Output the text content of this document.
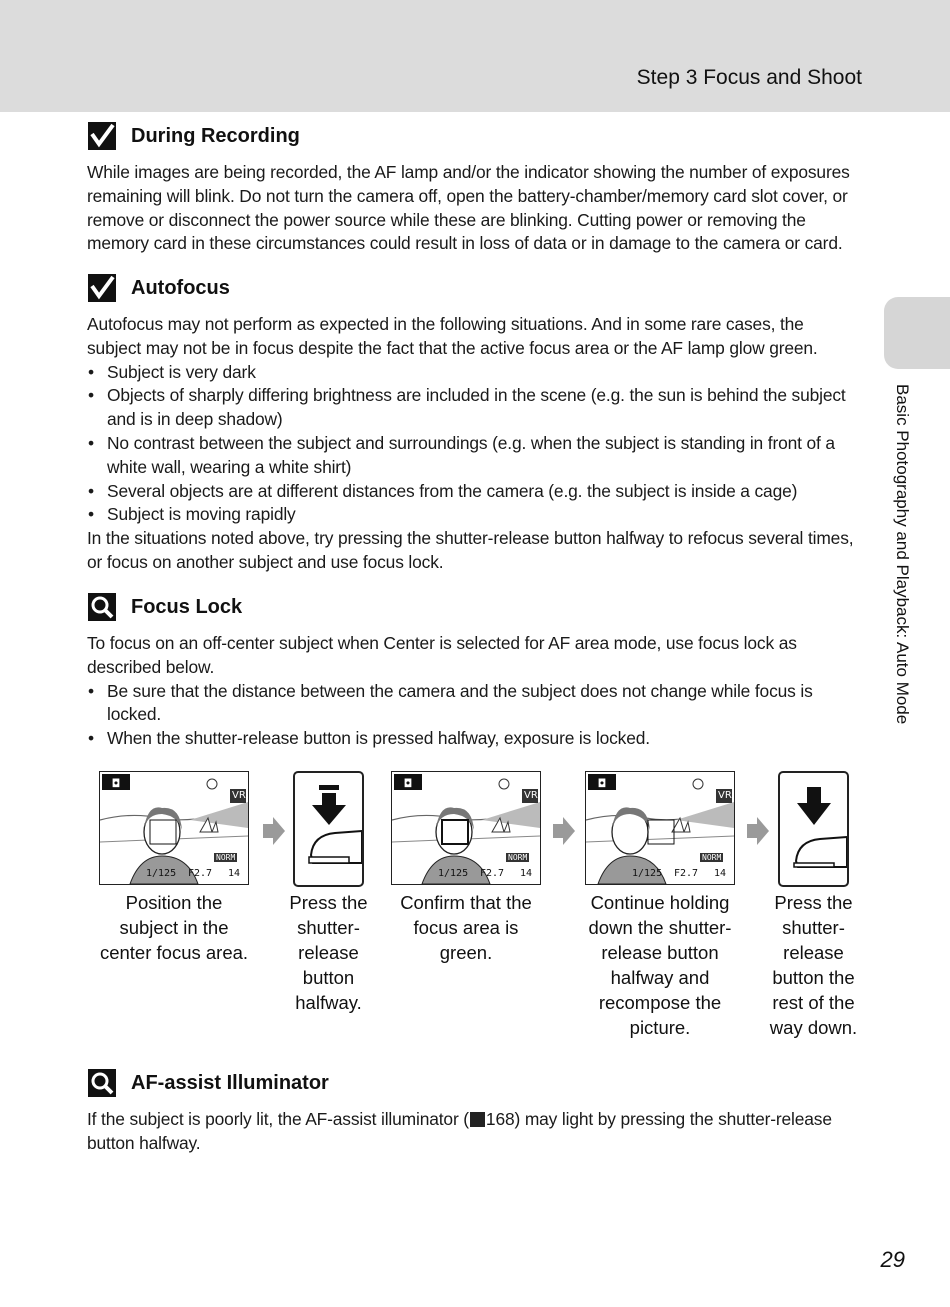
Step 3 Focus and Shoot
Basic Photography and Playback: Auto Mode
During Recording

While images are being recorded, the AF lamp and/or the indicator showing the number of exposures remaining will blink. Do not turn the camera off, open the battery-chamber/memory card slot cover, or remove or disconnect the power source while these are blinking. Cutting power or removing the memory card in these circumstances could result in loss of data or in damage to the camera or card.

Autofocus

Autofocus may not perform as expected in the following situations. And in some rare cases, the subject may not be in focus despite the fact that the active focus area or the AF lamp glow green.

• Subject is very dark
• Objects of sharply differing brightness are included in the scene (e.g. the sun is behind the subject and is in deep shadow)
• No contrast between the subject and surroundings (e.g. when the subject is standing in front of a white wall, wearing a white shirt)
• Several objects are at different distances from the camera (e.g. the subject is inside a cage)
• Subject is moving rapidly

In the situations noted above, try pressing the shutter-release button halfway to refocus several times, or focus on another subject and use focus lock.

Focus Lock

To focus on an off-center subject when Center is selected for AF area mode, use focus lock as described below.

• Be sure that the distance between the camera and the subject does not change while focus is locked.
• When the shutter-release button is pressed halfway, exposure is locked.
AF-assist Illuminator

If the subject is poorly lit, the AF-assist illuminator ( 168) may light by pressing the shutter-release button halfway.

◘
VR
NORM
1/125 F2.7 14
Position the subject in the center focus area.
Press the shutter-release button halfway.
◘
VR
NORM
1/125 F2.7 14
Confirm that the focus area is green.
◘
VR
NORM
1/125 F2.7 14
Continue holding down the shutter-release button halfway and recompose the picture.
Press the shutter-release button the rest of the way down.
29
